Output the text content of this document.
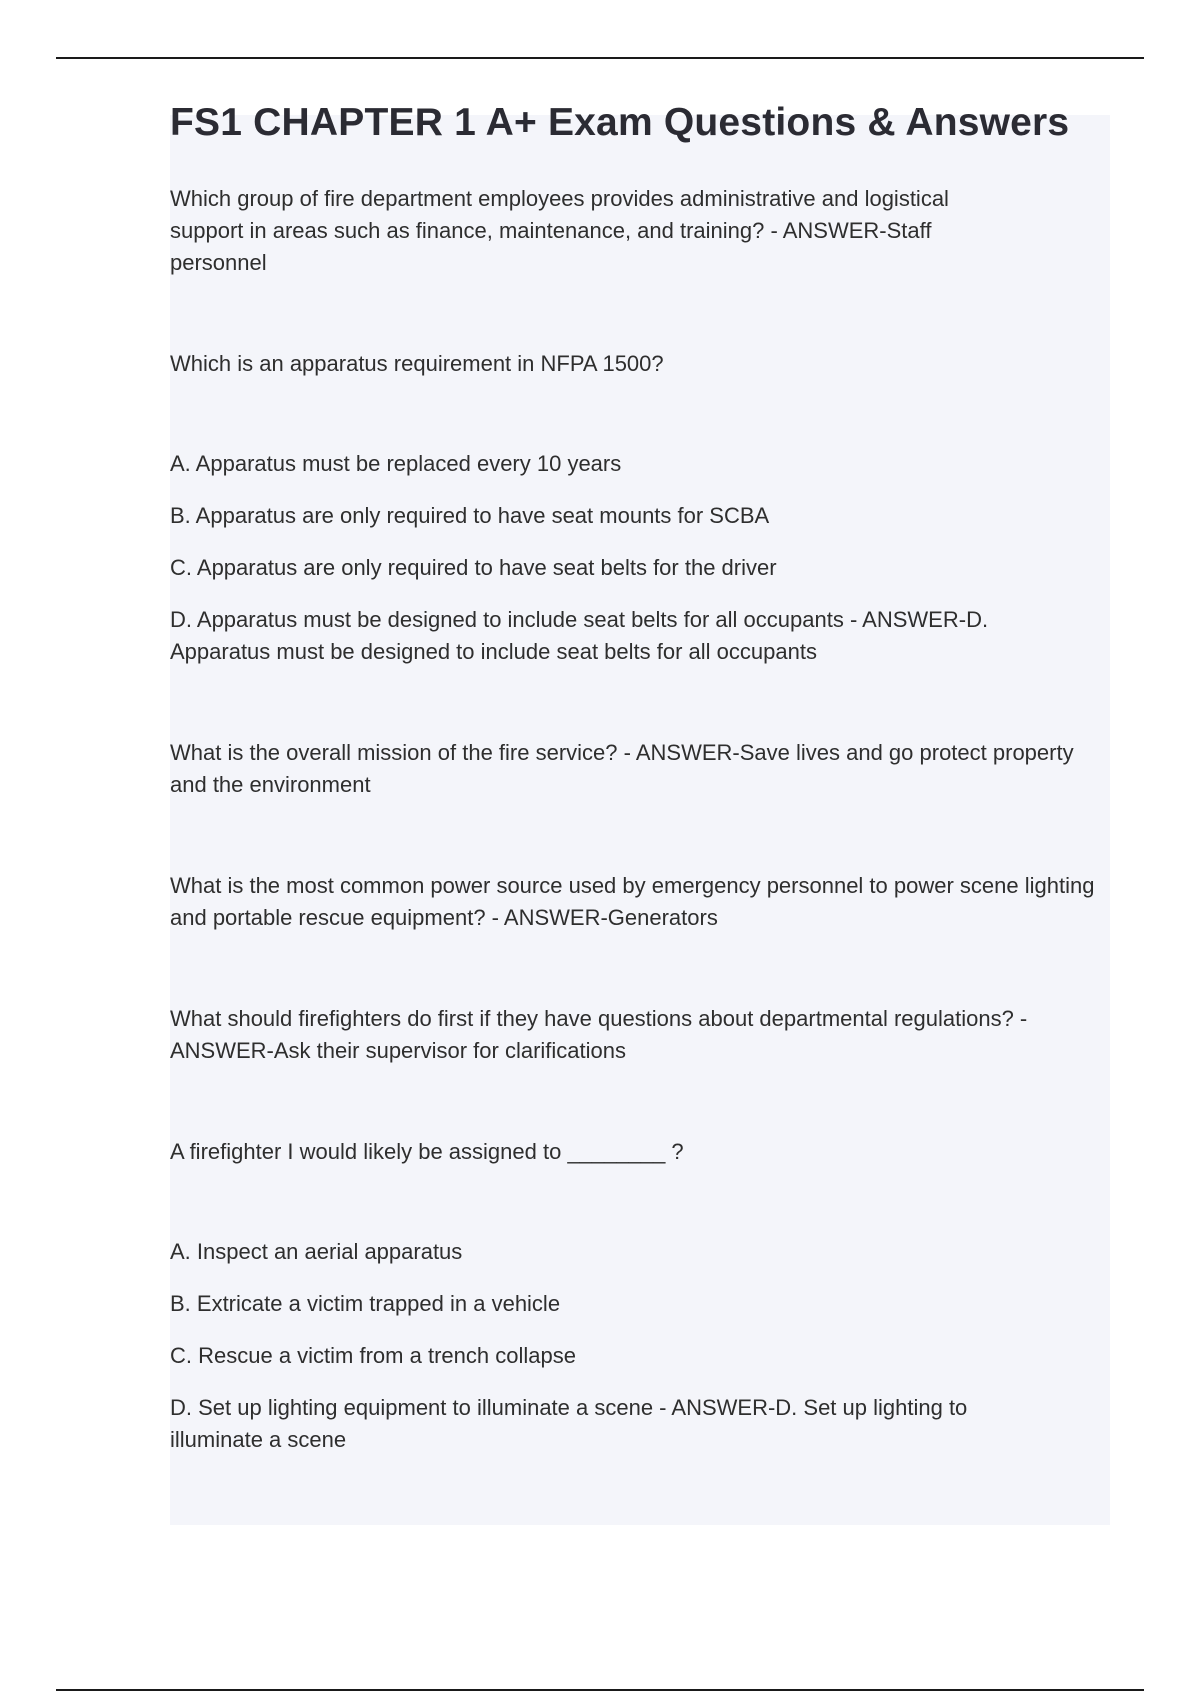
FS1 CHAPTER 1 A+ Exam Questions & Answers

Which group of fire department employees provides administrative and logistical support in areas such as finance, maintenance, and training? - ANSWER-Staff personnel

Which is an apparatus requirement in NFPA 1500?

A. Apparatus must be replaced every 10 years

B. Apparatus are only required to have seat mounts for SCBA

C. Apparatus are only required to have seat belts for the driver

D. Apparatus must be designed to include seat belts for all occupants - ANSWER-D. Apparatus must be designed to include seat belts for all occupants

What is the overall mission of the fire service? - ANSWER-Save lives and go protect property and the environment

What is the most common power source used by emergency personnel to power scene lighting and portable rescue equipment? - ANSWER-Generators

What should firefighters do first if they have questions about departmental regulations? - ANSWER-Ask their supervisor for clarifications

A firefighter I would likely be assigned to ________ ?

A. Inspect an aerial apparatus

B. Extricate a victim trapped in a vehicle

C. Rescue a victim from a trench collapse

D. Set up lighting equipment to illuminate a scene - ANSWER-D. Set up lighting to illuminate a scene
